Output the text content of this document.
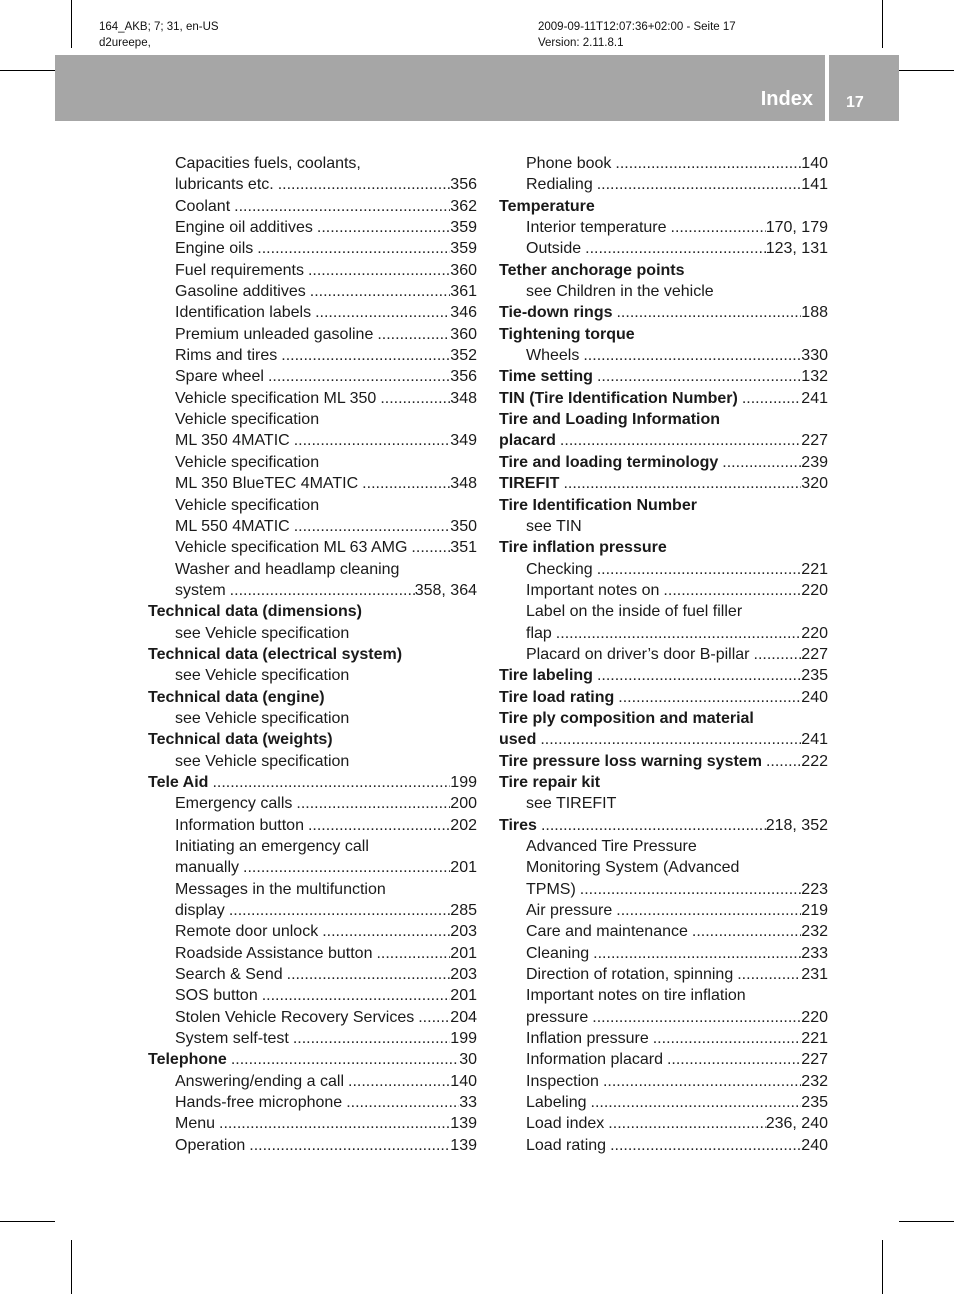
164_AKB; 7; 31, en-US
d2ureepe,
2009-09-11T12:07:36+02:00 - Seite 17
Version: 2.11.8.1
Index 17
Capacities fuels, coolants,
lubricants etc. .....	356
Coolant .....	362
Engine oil additives .....	359
Engine oils .....	359
Fuel requirements .....	360
Gasoline additives .....	361
Identification labels .....	346
Premium unleaded gasoline .....	360
Rims and tires .....	352
Spare wheel .....	356
Vehicle specification ML 350 .....	348
Vehicle specification
ML 350 4MATIC .....	349
Vehicle specification
ML 350 BlueTEC 4MATIC .....	348
Vehicle specification
ML 550 4MATIC .....	350
Vehicle specification ML 63 AMG .....	351
Washer and headlamp cleaning
system .....	358, 364
Technical data (dimensions)
see Vehicle specification
Technical data (electrical system)
see Vehicle specification
Technical data (engine)
see Vehicle specification
Technical data (weights)
see Vehicle specification
Tele Aid .....	199
Emergency calls .....	200
Information button .....	202
Initiating an emergency call
manually .....	201
Messages in the multifunction
display .....	285
Remote door unlock .....	203
Roadside Assistance button .....	201
Search & Send .....	203
SOS button .....	201
Stolen Vehicle Recovery Services ..... 204
System self-test .....	199
Telephone .....	30
Answering/ending a call .....	140
Hands-free microphone .....	33
Menu .....	139
Operation .....	139
Phone book .....	140
Redialing .....	141
Temperature
Interior temperature .....	170, 179
Outside .....	123, 131
Tether anchorage points
see Children in the vehicle
Tie-down rings .....	188
Tightening torque
Wheels .....	330
Time setting .....	132
TIN (Tire Identification Number) .....	241
Tire and Loading Information
placard .....	227
Tire and loading terminology .....	239
TIREFIT .....	320
Tire Identification Number
see TIN
Tire inflation pressure
Checking .....	221
Important notes on .....	220
Label on the inside of fuel filler
flap .....	220
Placard on driver’s door B-pillar .....	227
Tire labeling .....	235
Tire load rating .....	240
Tire ply composition and material
used .....	241
Tire pressure loss warning system ..... 222
Tire repair kit
see TIREFIT
Tires .....	218, 352
Advanced Tire Pressure
Monitoring System (Advanced
TPMS) .....	223
Air pressure .....	219
Care and maintenance .....	232
Cleaning .....	233
Direction of rotation, spinning .....	231
Important notes on tire inflation
pressure .....	220
Inflation pressure .....	221
Information placard .....	227
Inspection .....	232
Labeling .....	235
Load index .....	236, 240
Load rating .....	240
